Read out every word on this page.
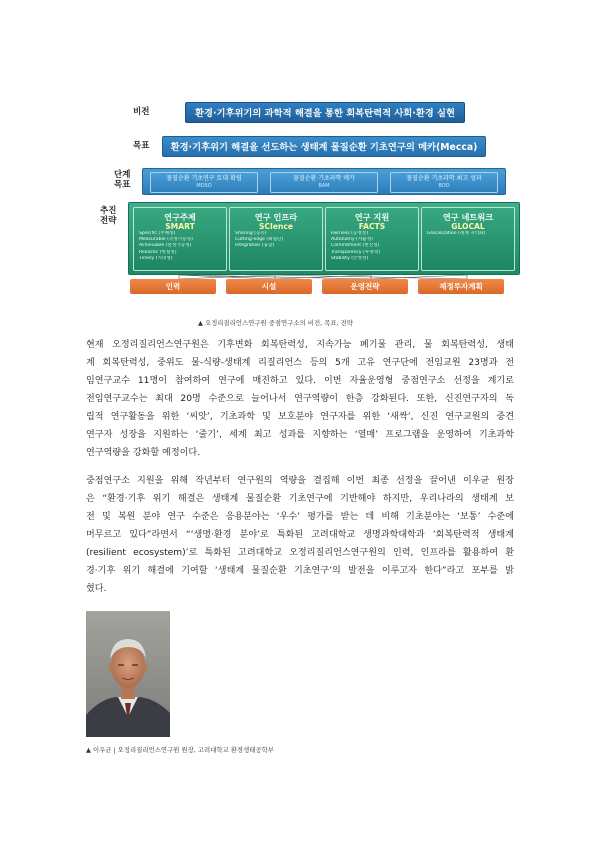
비전
목표
단계
목표
추진
전략
환경·기후위기의 과학적 해결을 통한 회복탄력적 사회·환경 실현
환경·기후위기 해결을 선도하는 생태계 물질순환 기초연구의 메카(Mecca)
물질순환 기초연구 토대 확립
MOSO
물질순환 기초과학 메카
BAM
물질순환 기초과학 최고 성과
BOO
연구주제
SMART
Specific (주체성)
Measurable (측정가능성)
Achievable (달성가능성)
Realistic (현실성)
Timely (시의성)
연구 인프라
SCIence
Sharing (공유)
Cutting-edge (최첨단)
Integration (융합)
연구 지원
FACTS
Fairness (공정성)
Autonomy (자율성)
Commitment (헌신성)
Transparency (투명성)
Stability (안정성)
연구 네트워크
GLOCAL
Glocalization (세계 지역화)
인력	시설	운영전략	재정투자계획
▲ 오정리질리언스연구원 중점연구소의 비전, 목표, 전략
현재 오정리질리언스연구원은 기후변화 회복탄력성, 지속가능 폐기물 관리, 물 회복탄력성, 생태
계 회복탄력성, 중위도 물-식량-생태계 리질리언스 등의 5개 고유 연구단에 전임교원 23명과 전
임연구교수 11명이 참여하여 연구에 매진하고 있다. 이번 자율운영형 중점연구소 선정을 계기로
전임연구교수는 최대 20명 수준으로 늘어나서 연구역량이 한층 강화된다. 또한, 신진연구자의 독
립적 연구활동을 위한 ‘씨앗’, 기초과학 및 보호분야 연구자를 위한 ‘새싹’, 신진 연구교원의 중견
연구자 성장을 지원하는 ‘줄기’, 세계 최고 성과를 지향하는 ‘열매’ 프로그램을 운영하여 기초과학
연구역량을 강화할 예정이다.
중점연구소 지원을 위해 작년부터 연구원의 역량을 결집해 이번 최종 선정을 끌어낸 이우균 원장
은 “환경·기후 위기 해결은 생태계 물질순환 기초연구에 기반해야 하지만, 우리나라의 생태계 보
전 및 복원 분야 연구 수준은 응용분야는 ‘우수’ 평가를 받는 데 비해 기초분야는 ‘보통’ 수준에
머무르고 있다”라면서 “‘생명·환경 분야’로 특화된 고려대학교 생명과학대학과 ‘회복탄력적 생태계
(resilient ecosystem)’로 특화된 고려대학교 오정리질리언스연구원의 인력, 인프라를 활용하여 환
경·기후 위기 해결에 기여할 ‘생태계 물질순환 기초연구’의 발전을 이루고자 한다”라고 포부를 밝
혔다.
▲ 이우균 | 오정리질리언스연구원 원장, 고려대학교 환경생태공학부
